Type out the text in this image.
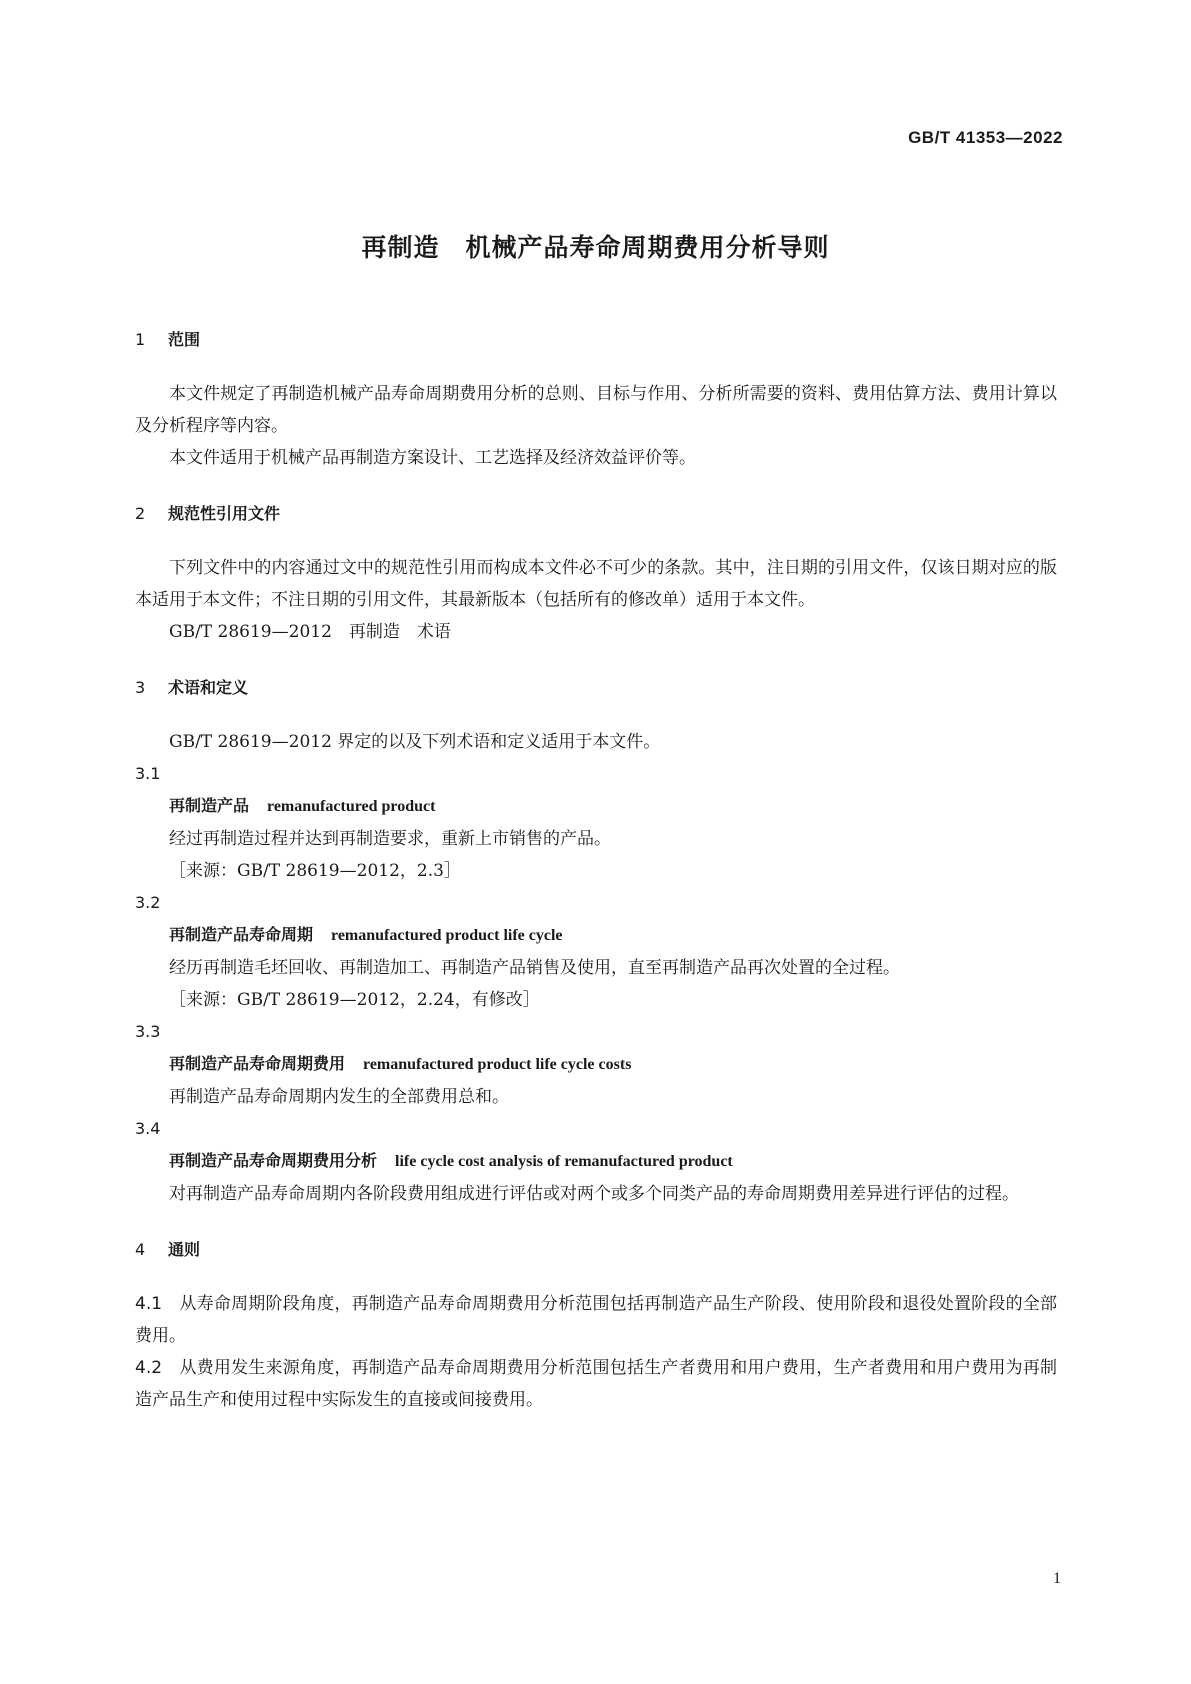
GB/T 41353—2022
再制造　机械产品寿命周期费用分析导则
1 范围

本文件规定了再制造机械产品寿命周期费用分析的总则、目标与作用、分析所需要的资料、费用估算方法、费用计算以及分析程序等内容。

本文件适用于机械产品再制造方案设计、工艺选择及经济效益评价等。

2 规范性引用文件

下列文件中的内容通过文中的规范性引用而构成本文件必不可少的条款。其中，注日期的引用文件，仅该日期对应的版本适用于本文件；不注日期的引用文件，其最新版本（包括所有的修改单）适用于本文件。

GB/T 28619—2012　再制造　术语

3 术语和定义

GB/T 28619—2012 界定的以及下列术语和定义适用于本文件。

3.1

再制造产品 remanufactured product

经过再制造过程并达到再制造要求，重新上市销售的产品。

［来源：GB/T 28619—2012，2.3］

3.2

再制造产品寿命周期 remanufactured product life cycle

经历再制造毛坯回收、再制造加工、再制造产品销售及使用，直至再制造产品再次处置的全过程。

［来源：GB/T 28619—2012，2.24，有修改］

3.3

再制造产品寿命周期费用 remanufactured product life cycle costs

再制造产品寿命周期内发生的全部费用总和。

3.4

再制造产品寿命周期费用分析 life cycle cost analysis of remanufactured product

对再制造产品寿命周期内各阶段费用组成进行评估或对两个或多个同类产品的寿命周期费用差异进行评估的过程。

4 通则

4.1　 从寿命周期阶段角度，再制造产品寿命周期费用分析范围包括再制造产品生产阶段、使用阶段和退役处置阶段的全部费用。

4.2　 从费用发生来源角度，再制造产品寿命周期费用分析范围包括生产者费用和用户费用，生产者费用和用户费用为再制造产品生产和使用过程中实际发生的直接或间接费用。

1
